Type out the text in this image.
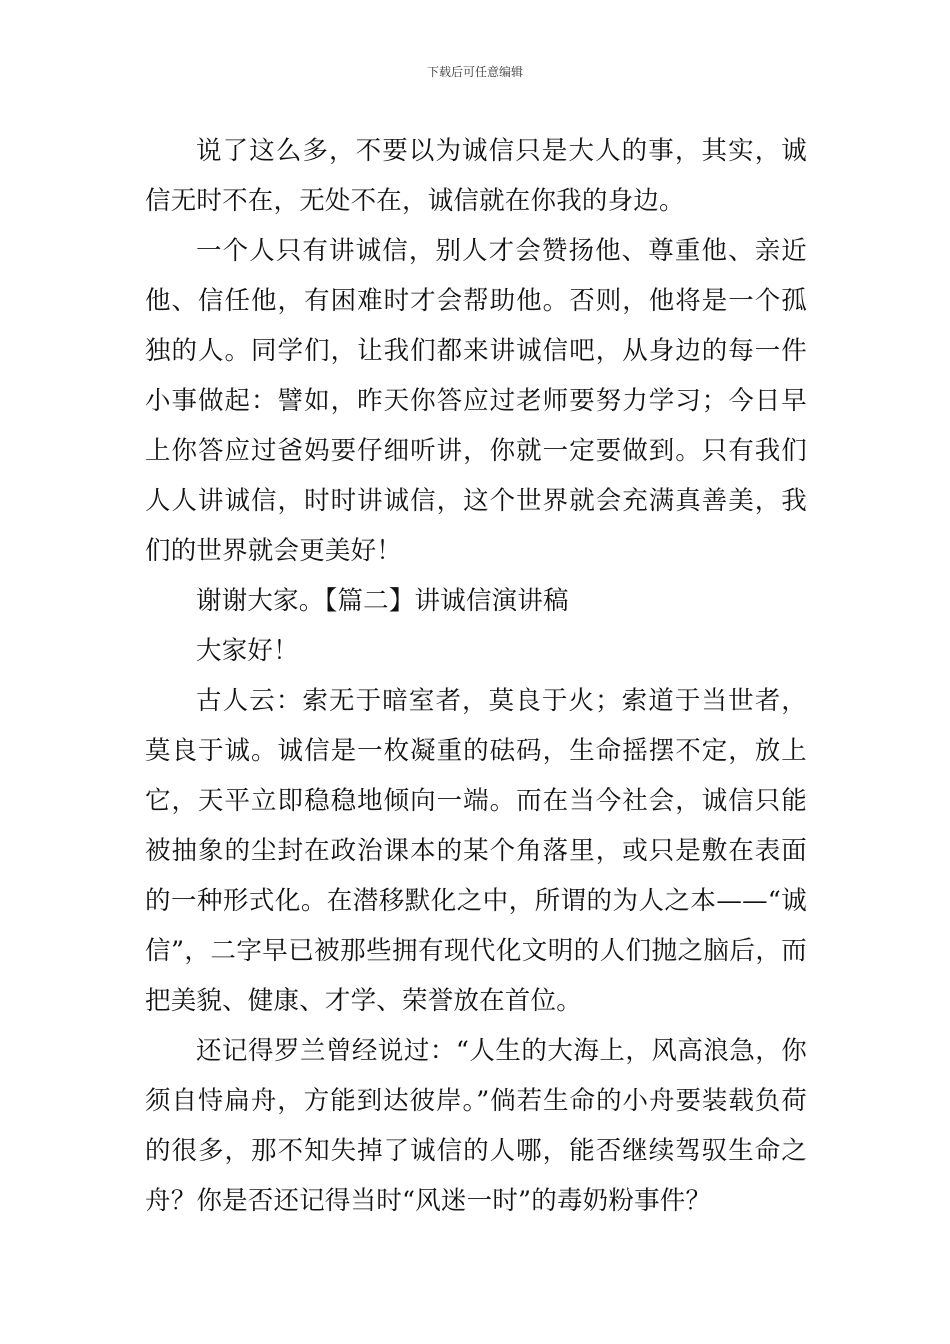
下载后可任意编辑

说了这么多，不要以为诚信只是大人的事，其实，诚信无时不在，无处不在，诚信就在你我的身边。

一个人只有讲诚信，别人才会赞扬他、尊重他、亲近他、信任他，有困难时才会帮助他。否则，他将是一个孤独的人。同学们，让我们都来讲诚信吧，从身边的每一件小事做起：譬如，昨天你答应过老师要努力学习；今日早上你答应过爸妈要仔细听讲，你就一定要做到。只有我们人人讲诚信，时时讲诚信，这个世界就会充满真善美，我们的世界就会更美好！

谢谢大家。【篇二】讲诚信演讲稿

大家好！

古人云：索无于暗室者，莫良于火；索道于当世者，莫良于诚。诚信是一枚凝重的砝码，生命摇摆不定，放上它，天平立即稳稳地倾向一端。而在当今社会，诚信只能被抽象的尘封在政治课本的某个角落里，或只是敷在表面的一种形式化。在潜移默化之中，所谓的为人之本——“诚信”，二字早已被那些拥有现代化文明的人们抛之脑后，而把美貌、健康、才学、荣誉放在首位。

还记得罗兰曾经说过：“人生的大海上，风高浪急，你须自恃扁舟，方能到达彼岸。”倘若生命的小舟要装载负荷的很多，那不知失掉了诚信的人哪，能否继续驾驭生命之舟？你是否还记得当时“风迷一时”的毒奶粉事件？
